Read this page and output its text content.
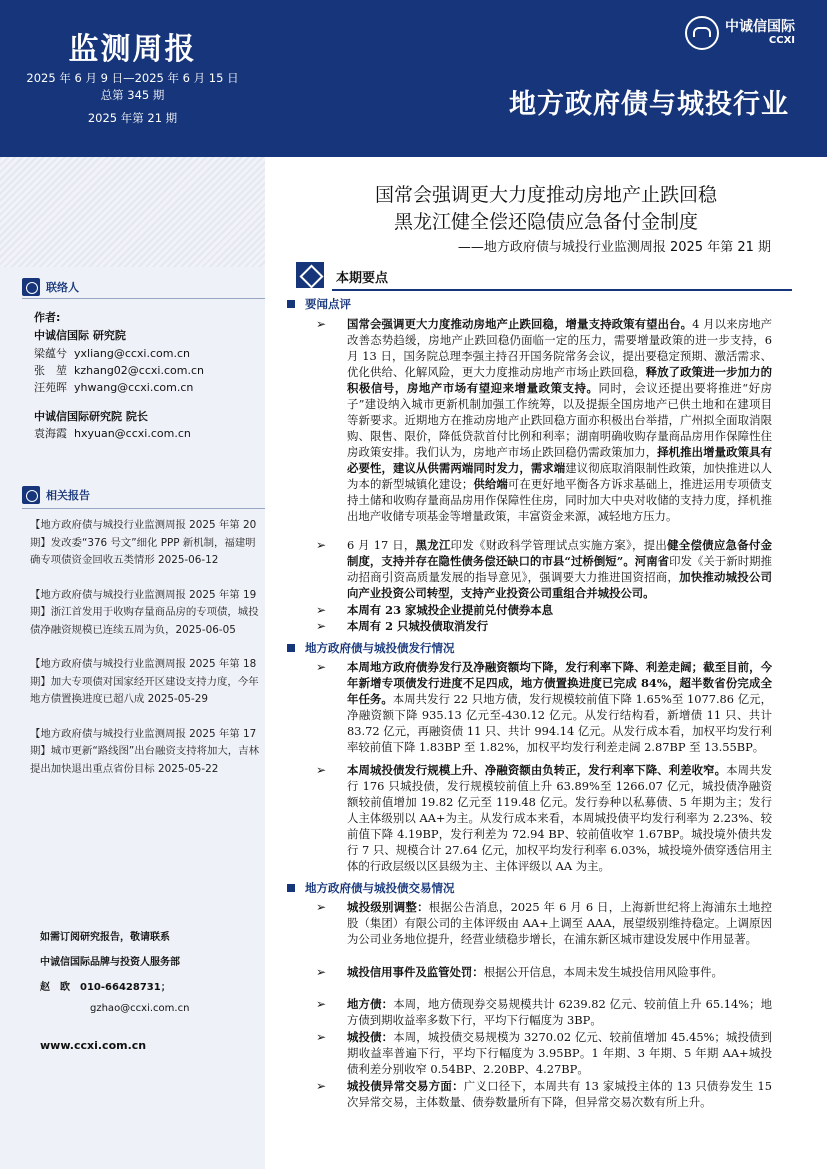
监测周报
2025 年 6 月 9 日—2025 年 6 月 15 日
总第 345 期
2025 年第 21 期
中诚信国际
CCXI
地方政府债与城投行业
联络人
作者:
中诚信国际 研究院
梁蕴兮 yxliang@ccxi.com.cn
张　堃 kzhang02@ccxi.com.cn
汪苑晖 yhwang@ccxi.com.cn
中诚信国际研究院 院长
袁海霞 hxyuan@ccxi.com.cn
相关报告
【地方政府债与城投行业监测周报 2025 年第 20 期】发改委“376 号文”细化 PPP 新机制，福建明确专项债资金回收五类情形 2025-06-12
【地方政府债与城投行业监测周报 2025 年第 19 期】浙江首发用于收购存量商品房的专项债，城投债净融资规模已连续五周为负，2025-06-05
【地方政府债与城投行业监测周报 2025 年第 18 期】加大专项债对国家经开区建设支持力度，今年地方债置换进度已超八成 2025-05-29
【地方政府债与城投行业监测周报 2025 年第 17 期】城市更新“路线图”出台融资支持将加大，吉林提出加快退出重点省份目标 2025-05-22
如需订阅研究报告，敬请联系
中诚信国际品牌与投资人服务部
赵　欧　010-66428731；
gzhao@ccxi.com.cn
www.ccxi.com.cn
国常会强调更大力度推动房地产止跌回稳
黑龙江健全偿还隐债应急备付金制度
——地方政府债与城投行业监测周报 2025 年第 21 期
本期要点
要闻点评
➢ 国常会强调更大力度推动房地产止跌回稳，增量支持政策有望出台。4 月以来房地产改善态势趋缓，房地产止跌回稳仍面临一定的压力，需要增量政策的进一步支持，6 月 13 日，国务院总理李强主持召开国务院常务会议，提出要稳定预期、激活需求、优化供给、化解风险，更大力度推动房地产市场止跌回稳，释放了政策进一步加力的积极信号，房地产市场有望迎来增量政策支持。同时，会议还提出要将推进“好房子”建设纳入城市更新机制加强工作统筹，以及提振全国房地产已供土地和在建项目等新要求。近期地方在推动房地产止跌回稳方面亦积极出台举措，广州拟全面取消限购、限售、限价，降低贷款首付比例和利率；湖南明确收购存量商品房用作保障性住房政策安排。我们认为，房地产市场止跌回稳仍需政策加力，择机推出增量政策具有必要性，建议从供需两端同时发力，需求端建议彻底取消限制性政策，加快推进以人为本的新型城镇化建设；供给端可在更好地平衡各方诉求基础上，推进运用专项债支持土储和收购存量商品房用作保障性住房，同时加大中央对收储的支持力度，择机推出地产收储专项基金等增量政策，丰富资金来源，减轻地方压力。
➢ 6 月 17 日，黑龙江印发《财政科学管理试点实施方案》，提出健全偿债应急备付金制度，支持并存在隐性债务偿还缺口的市县“过桥倒短”。河南省印发《关于新时期推动招商引资高质量发展的指导意见》，强调要大力推进国资招商，加快推动城投公司向产业投资公司转型，支持产业投资公司重组合并城投公司。
➢ 本周有 23 家城投企业提前兑付债券本息
➢ 本周有 2 只城投债取消发行
地方政府债与城投债发行情况
➢ 本周地方政府债券发行及净融资额均下降，发行利率下降、利差走阔；截至目前，今年新增专项债发行进度不足四成，地方债置换进度已完成 84%，超半数省份完成全年任务。本周共发行 22 只地方债，发行规模较前值下降 1.65%至 1077.86 亿元，净融资额下降 935.13 亿元至-430.12 亿元。从发行结构看，新增债 11 只、共计 83.72 亿元，再融资债 11 只、共计 994.14 亿元。从发行成本看，加权平均发行利率较前值下降 1.83BP 至 1.82%，加权平均发行利差走阔 2.87BP 至 13.55BP。
➢ 本周城投债发行规模上升、净融资额由负转正，发行利率下降、利差收窄。本周共发行 176 只城投债，发行规模较前值上升 63.89%至 1266.07 亿元，城投债净融资额较前值增加 19.82 亿元至 119.48 亿元。发行券种以私募债、5 年期为主；发行人主体级别以 AA+为主。从发行成本来看，本周城投债平均发行利率为 2.23%、较前值下降 4.19BP，发行利差为 72.94 BP、较前值收窄 1.67BP。城投境外债共发行 7 只、规模合计 27.64 亿元，加权平均发行利率 6.03%，城投境外债穿透信用主体的行政层级以区县级为主、主体评级以 AA 为主。
地方政府债与城投债交易情况
➢ 城投级别调整：根据公告消息，2025 年 6 月 6 日，上海新世纪将上海浦东土地控股（集团）有限公司的主体评级由 AA+上调至 AAA，展望级别维持稳定。上调原因为公司业务地位提升，经营业绩稳步增长，在浦东新区城市建设发展中作用显著。
➢ 城投信用事件及监管处罚：根据公开信息，本周未发生城投信用风险事件。
➢ 地方债：本周，地方债现券交易规模共计 6239.82 亿元、较前值上升 65.14%；地方债到期收益率多数下行，平均下行幅度为 3BP。
➢ 城投债：本周，城投债交易规模为 3270.02 亿元、较前值增加 45.45%；城投债到期收益率普遍下行，平均下行幅度为 3.95BP。1 年期、3 年期、5 年期 AA+城投债利差分别收窄 0.54BP、2.20BP、4.27BP。
➢ 城投债异常交易方面：广义口径下，本周共有 13 家城投主体的 13 只债券发生 15 次异常交易，主体数量、债券数量所有下降，但异常交易次数有所上升。
